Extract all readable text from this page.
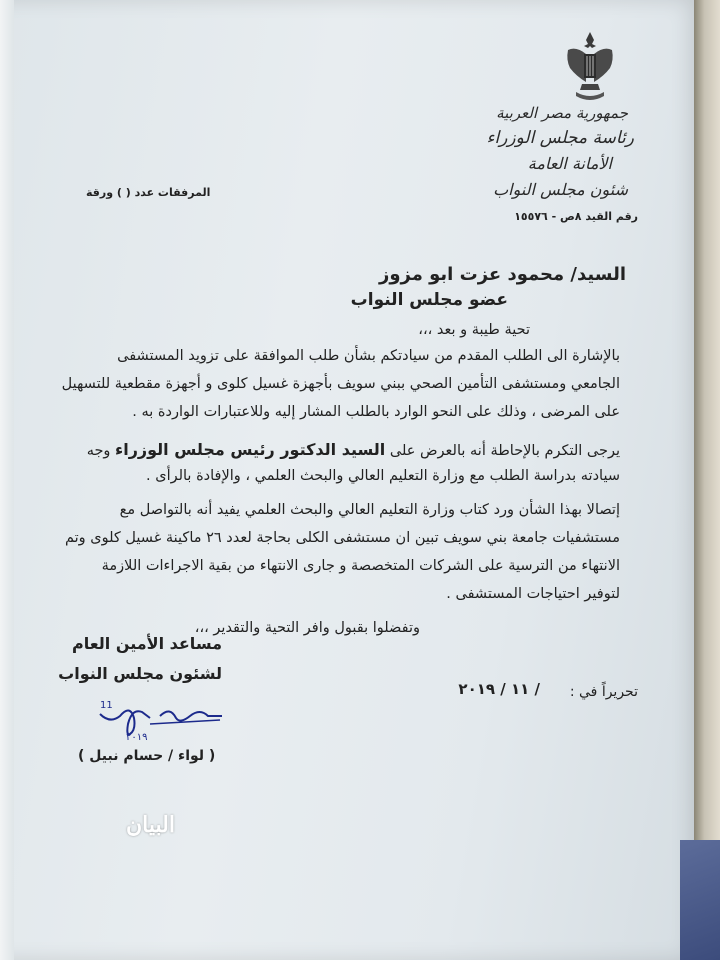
جمهورية مصر العربية
رئاسة مجلس الوزراء
الأمانة العامة
شئون مجلس النواب
رقم القيد ٨ص - ١٥٥٧٦
المرفقات عدد ( ) ورقة
السيد/ محمود عزت ابو مزوز
عضو مجلس النواب
تحية طيبة و بعد ،،،
بالإشارة الى الطلب المقدم من سيادتكم بشأن طلب الموافقة على تزويد المستشفى
الجامعي ومستشفى التأمين الصحي ببني سويف بأجهزة غسيل كلوى و أجهزة مقطعية للتسهيل
على المرضى ، وذلك على النحو الوارد بالطلب المشار إليه وللاعتبارات الواردة به .
يرجى التكرم بالإحاطة أنه بالعرض على السيد الدكتور رئيس مجلس الوزراء وجه
سيادته بدراسة الطلب مع وزارة التعليم العالي والبحث العلمي ، والإفادة بالرأى .
إتصالا بهذا الشأن ورد كتاب وزارة التعليم العالي والبحث العلمي يفيد أنه بالتواصل مع
مستشفيات جامعة بني سويف تبين ان مستشفى الكلى بحاجة لعدد ٢٦ ماكينة غسيل كلوى وتم
الانتهاء من الترسية على الشركات المتخصصة و جارى الانتهاء من بقية الاجراءات اللازمة
لتوفير احتياجات المستشفى .
وتفضلوا بقبول وافر التحية والتقدير ،،،
تحريراً في :
/ ١١ / ٢٠١٩
مساعد الأمين العام
لشئون مجلس النواب
11
٢٠١٩
( لواء / حسام نبيل )
البيان
